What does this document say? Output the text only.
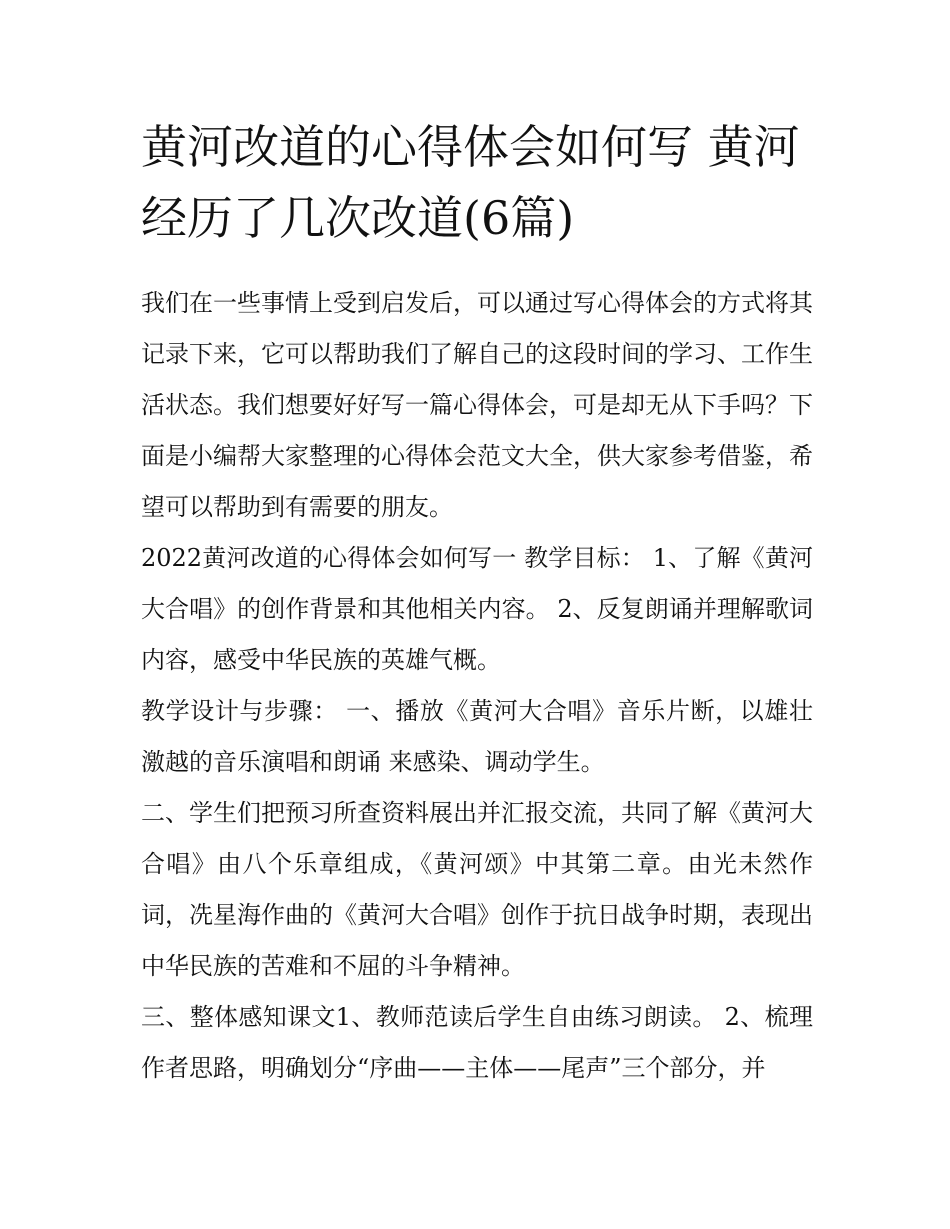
黄河改道的心得体会如何写 黄河经历了几次改道(6篇)

我们在一些事情上受到启发后，可以通过写心得体会的方式将其记录下来，它可以帮助我们了解自己的这段时间的学习、工作生活状态。我们想要好好写一篇心得体会，可是却无从下手吗？下面是小编帮大家整理的心得体会范文大全，供大家参考借鉴，希望可以帮助到有需要的朋友。

2022黄河改道的心得体会如何写一 教学目标： 1、了解《黄河大合唱》的创作背景和其他相关内容。 2、反复朗诵并理解歌词内容，感受中华民族的英雄气概。

教学设计与步骤： 一、播放《黄河大合唱》音乐片断，以雄壮激越的音乐演唱和朗诵 来感染、调动学生。

二、学生们把预习所查资料展出并汇报交流，共同了解《黄河大合唱》由八个乐章组成，《黄河颂》中其第二章。由光未然作词，冼星海作曲的《黄河大合唱》创作于抗日战争时期，表现出中华民族的苦难和不屈的斗争精神。

三、整体感知课文1、教师范读后学生自由练习朗读。 2、梳理作者思路，明确划分“序曲——主体——尾声”三个部分，并
